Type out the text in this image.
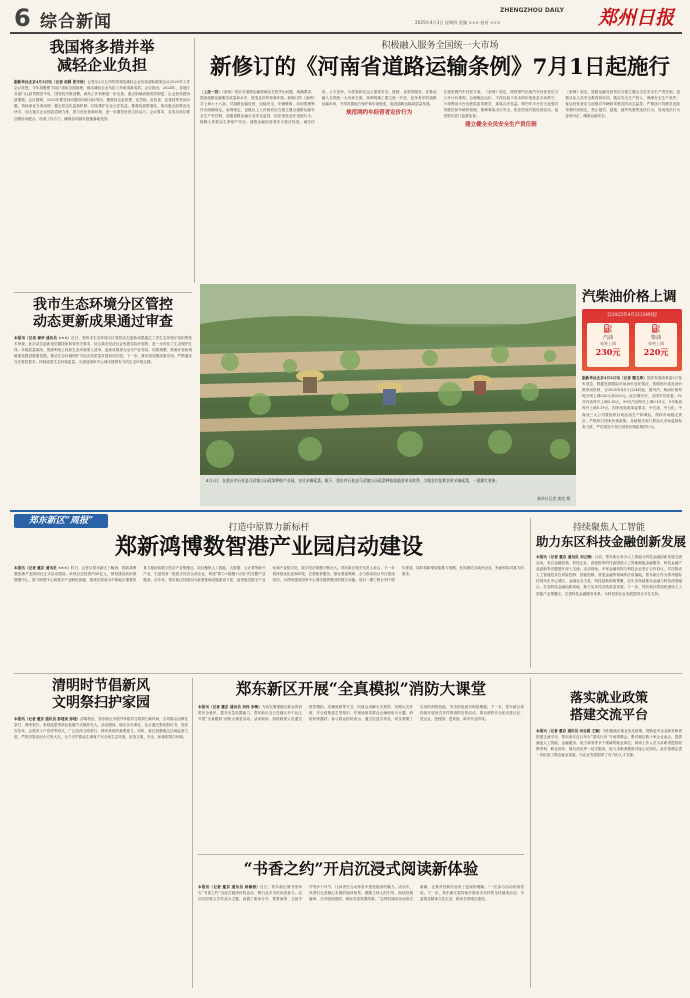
6 综合新闻
ZHENGZHOU DAILY
2025年4月3日 星期四 责编 ××× 校对 ×××	郑州日报
我国将多措并举
减轻企业负担
据新华社北京4月2日电（记者 周圆 张辛欣）记者从2日召开的国务院减轻企业负担部际联席会议2025年工作会议获悉，今年将聚焦“四乱”顽疾全面治理，推动减轻企业负担工作取得新成效。会议指出，2024年，各地区各部门认真贯彻党中央、国务院决策部署，减负工作机制进一步完善，重点领域治理成效明显，企业获得感持续增强。会议强调，2025年要坚持问题导向和目标导向，聚焦涉企乱收费、乱罚款、乱检查、乱查封等突出问题，持续深化专项治理，健全常态化监督机制，切实维护企业合法权益。要强化政策落实，推动惠企政策直达快享，加大拖欠企业账款清理力度，着力优化营商环境，进一步激发经营主体活力。会议要求，各成员单位要加强协同配合，形成工作合力，确保各项减负措施落地见效。
积极融入服务全国统一大市场
新修订的《河南省道路运输条例》7月1日起施行
（上接一版）《条例》将针对道路运输领域存在的突出问题，明确要求，提高道路运输服务质量和水平，营造良好的营商环境。新修订的《条例》共七章六十六条，对道路运输经营、运输安全、车辆维修、培训管理等作出明确规定。条例规定，县级以上人民政府应当建立健全道路运输安全生产责任制，加强道路运输行业安全监管，依法查处违法违规行为，保障人民群众生命财产安全。道路运输经营者应当依法经营，诚实信用，公平竞争，为旅客和托运人提供安全、便捷、优质的服务。在推动融入全国统一大市场方面，条例明确了建立统一开放、竞争有序的道路运输市场，不得设置地方保护和市场壁垒，促进道路运输高质量发展。
规范网约车经营者定价行为
在规范网约车经营方面，《条例》规定，网络预约出租汽车经营者应当公开计价规则，合理确定运价，不得以低于成本的价格扰乱市场秩序，不得利用平台优势损害驾驶员、乘客合法权益。网约车平台应当加强对驾驶员和车辆的管理，保障乘客出行安全，依法依规开展经营活动，接受相关部门监督检查。
建立健全全员安全生产责任制
《条例》规定，道路运输经营者应当建立健全全员安全生产责任制，加强从业人员安全教育和培训，落实安全生产投入，保障安全生产条件。客运经营者应当加强对车辆和驾驶员的动态监控，严格执行驾驶员连续驾驶时间规定，禁止超员、超速、疲劳驾驶等违法行为，发现违法行为及时纠正，确保运输安全。
4月2日，在重庆市石柱县马武镇万亩莼菜种植产业园，农民采摘莼菜。眼下，重庆市石柱县马武镇万亩莼菜种植基地迎来采收季，当地农民抢抓农时采摘莼菜，一派繁忙景象。
新华社记者 唐奕 摄
我市生态环境分区管控
动态更新成果通过审查
本报讯（记者 秦华 通讯员 ×××）近日，郑州市生态环境分区管控动态更新成果通过了省生态环境厅组织的技术审查。此次动态更新是依据国家和省有关要求，结合我市经济社会发展实际开展的，进一步优化了生态保护红线、环境质量底线、资源利用上线和生态环境准入清单。更新成果将为全市产业布局、结构调整、资源开发和城镇建设提供重要依据，推动生态环境保护与经济高质量发展协同共进。下一步，我市将加强成果应用，严格落实分区管控要求，持续改善生态环境质量，为建设国家中心城市提供有力的生态环境支撑。
汽柴油价格上调
自2025年4月2日24时起
⛽
汽油
每吨上调
230元
⛽
柴油
每吨上调
220元
据新华社北京4月2日电（记者 魏玉坤）国家发展改革委2日发布消息，根据近期国际市场油价变化情况，按照现行成品油价格形成机制，自2025年4月2日24时起，国内汽、柴油价格每吨分别上调230元和220元。此次调价后，全国平均来看，92号汽油每升上调0.18元，95号汽油每升上调0.19元，0号柴油每升上调0.19元。国家发展改革委要求，中石油、中石化、中海油三大公司要组织好成品油生产和调运，保持市场稳定供应，严格执行国家价格政策。各地相关部门要加大市场监督检查力度，严厉查处不执行国家价格政策的行为。
郑东新区“周报”
打造中原算力新标杆
郑新鸿博数智港产业园启动建设
本报讯（记者 董京 通讯员 ×××）昨日，记者从郑东新区了解到，郑新鸿博数智港产业园项目正式启动建设。该项目总投资约50亿元，规划建设高标准数据中心、算力调度中心和数字产业孵化基地，建成后将成为中原地区重要的算力枢纽和数字经济产业集聚区。项目聚焦人工智能、大数据、云计算等新兴产业，引进培育一批数字经济头部企业，构建“算力+数据+应用”的完整产业链条。近年来，郑东新区持续加大新型基础设施建设力度，加快推进数字产业化和产业数字化，数字经济规模不断壮大。郑东新区相关负责人表示，下一步将持续优化营商环境，完善配套服务，强化要素保障，全力推动项目早日建成投用，为郑州建设国家中心城市提供强劲的数字动能。项目一期工程计划于明年建成，届时将新增智能算力规模，有效满足区域内企业、科研机构对算力的需求。
持续聚焦人工智能
助力东区科技金融创新发展
本报讯（记者 董京 通讯员 刘立锋）日前，郑东新区举办人工智能与科技金融创新发展交流活动，来自金融机构、科技企业、高校院所的代表围绕人工智能赋能金融服务、科技金融产品创新等议题展开深入交流。活动现场，多家金融机构与科技企业签订合作协议，共同推动人工智能技术在风险控制、智能投顾、普惠金融等领域的应用落地。郑东新区作为郑州国际性现代化中心城区，金融业态丰富，科技创新资源集聚，近年来持续推动金融与科技深度融合，打造科技金融创新高地，助力实体经济高质量发展。下一步，郑东新区将加快建设人工智能产业集聚区，完善科技金融服务体系，为科技型企业发展提供全方位支持。
清明时节倡新风
文明祭扫护家园
本报讯（记者 董京 通讯员 彭瑶欢 彭瑶）清明将至，郑东新区多措并举倡导文明祭扫新风尚，引导群众以鲜花祭扫、网络祭扫、家庭追思等绿色低碳方式缅怀先人。活动期间，辖区各办事处、社区通过张贴倡议书、发放宣传单、志愿者入户宣传等形式，广泛宣传文明祭扫、移风易俗的重要意义。同时，新区加强重点区域巡查力度，严防因祭祀用火引发火灾，全力守护群众生命财产安全和生态环境，营造文明、安全、和谐的祭扫环境。
郑东新区开展“全真模拟”消防大课堂
本报讯（记者 董京 通讯员 刘伟 李梅）为切实增强辖区群众的消防安全意识，提升应急处置能力，郑东新区近日在辖区多个社区开展“全真模拟”消防大课堂活动。活动现场，消防救援人员通过情景模拟、实操演练等方式，向群众讲解火灾预防、初期火灾扑救、安全疏散逃生等知识，并现场指导群众正确使用灭火器、消防栓等器材。参与群众纷纷表示，通过沉浸式体验，切实掌握了实用的消防技能，安全防范意识明显增强。下一步，郑东新区将持续开展形式多样的消防宣传活动，推动消防安全知识进社区、进企业、进校园、进家庭，筑牢安全防线。
落实就业政策
搭建交流平台
本报讯（记者 董京 通讯员 刘志娟 王颖）为积极落实就业优先政策，帮助更多企业和求职者搭建交流平台，郑东新区近日举办“春风行动”专场招聘会，吸引辖区数十家企业参会，提供涵盖人工智能、金融服务、电子商务等多个领域的就业岗位。现场工作人员为求职者提供政策咨询、职业指导、简历优化等一站式服务，助力求职者精准对接心仪岗位。此次招聘会进一步拓宽了群众就业渠道，为企业发展提供了有力的人才支撑。
“书香之约”开启沉浸式阅读新体验
本报讯（记者 董京 通讯员 周楠倩）近日，郑东新区图书馆举办“书香之约”沉浸式阅读体验活动，吸引众多市民读者参与。活动以经典文学作品为主题，设置了朗读分享、情景演绎、文创手作等多个环节，让读者在互动体验中感受阅读的魅力。活动中，读者们走进精心布置的阅读场景，跟随主持人的引导，朗读经典篇章，分享阅读感悟，现场书香氛围浓厚。“这样的阅读活动形式新颖，让我对经典作品有了更深的理解。”一位参与活动的读者说。下一步，郑东新区将持续开展形式多样的全民阅读活动，丰富群众精神文化生活，推动书香城区建设。
